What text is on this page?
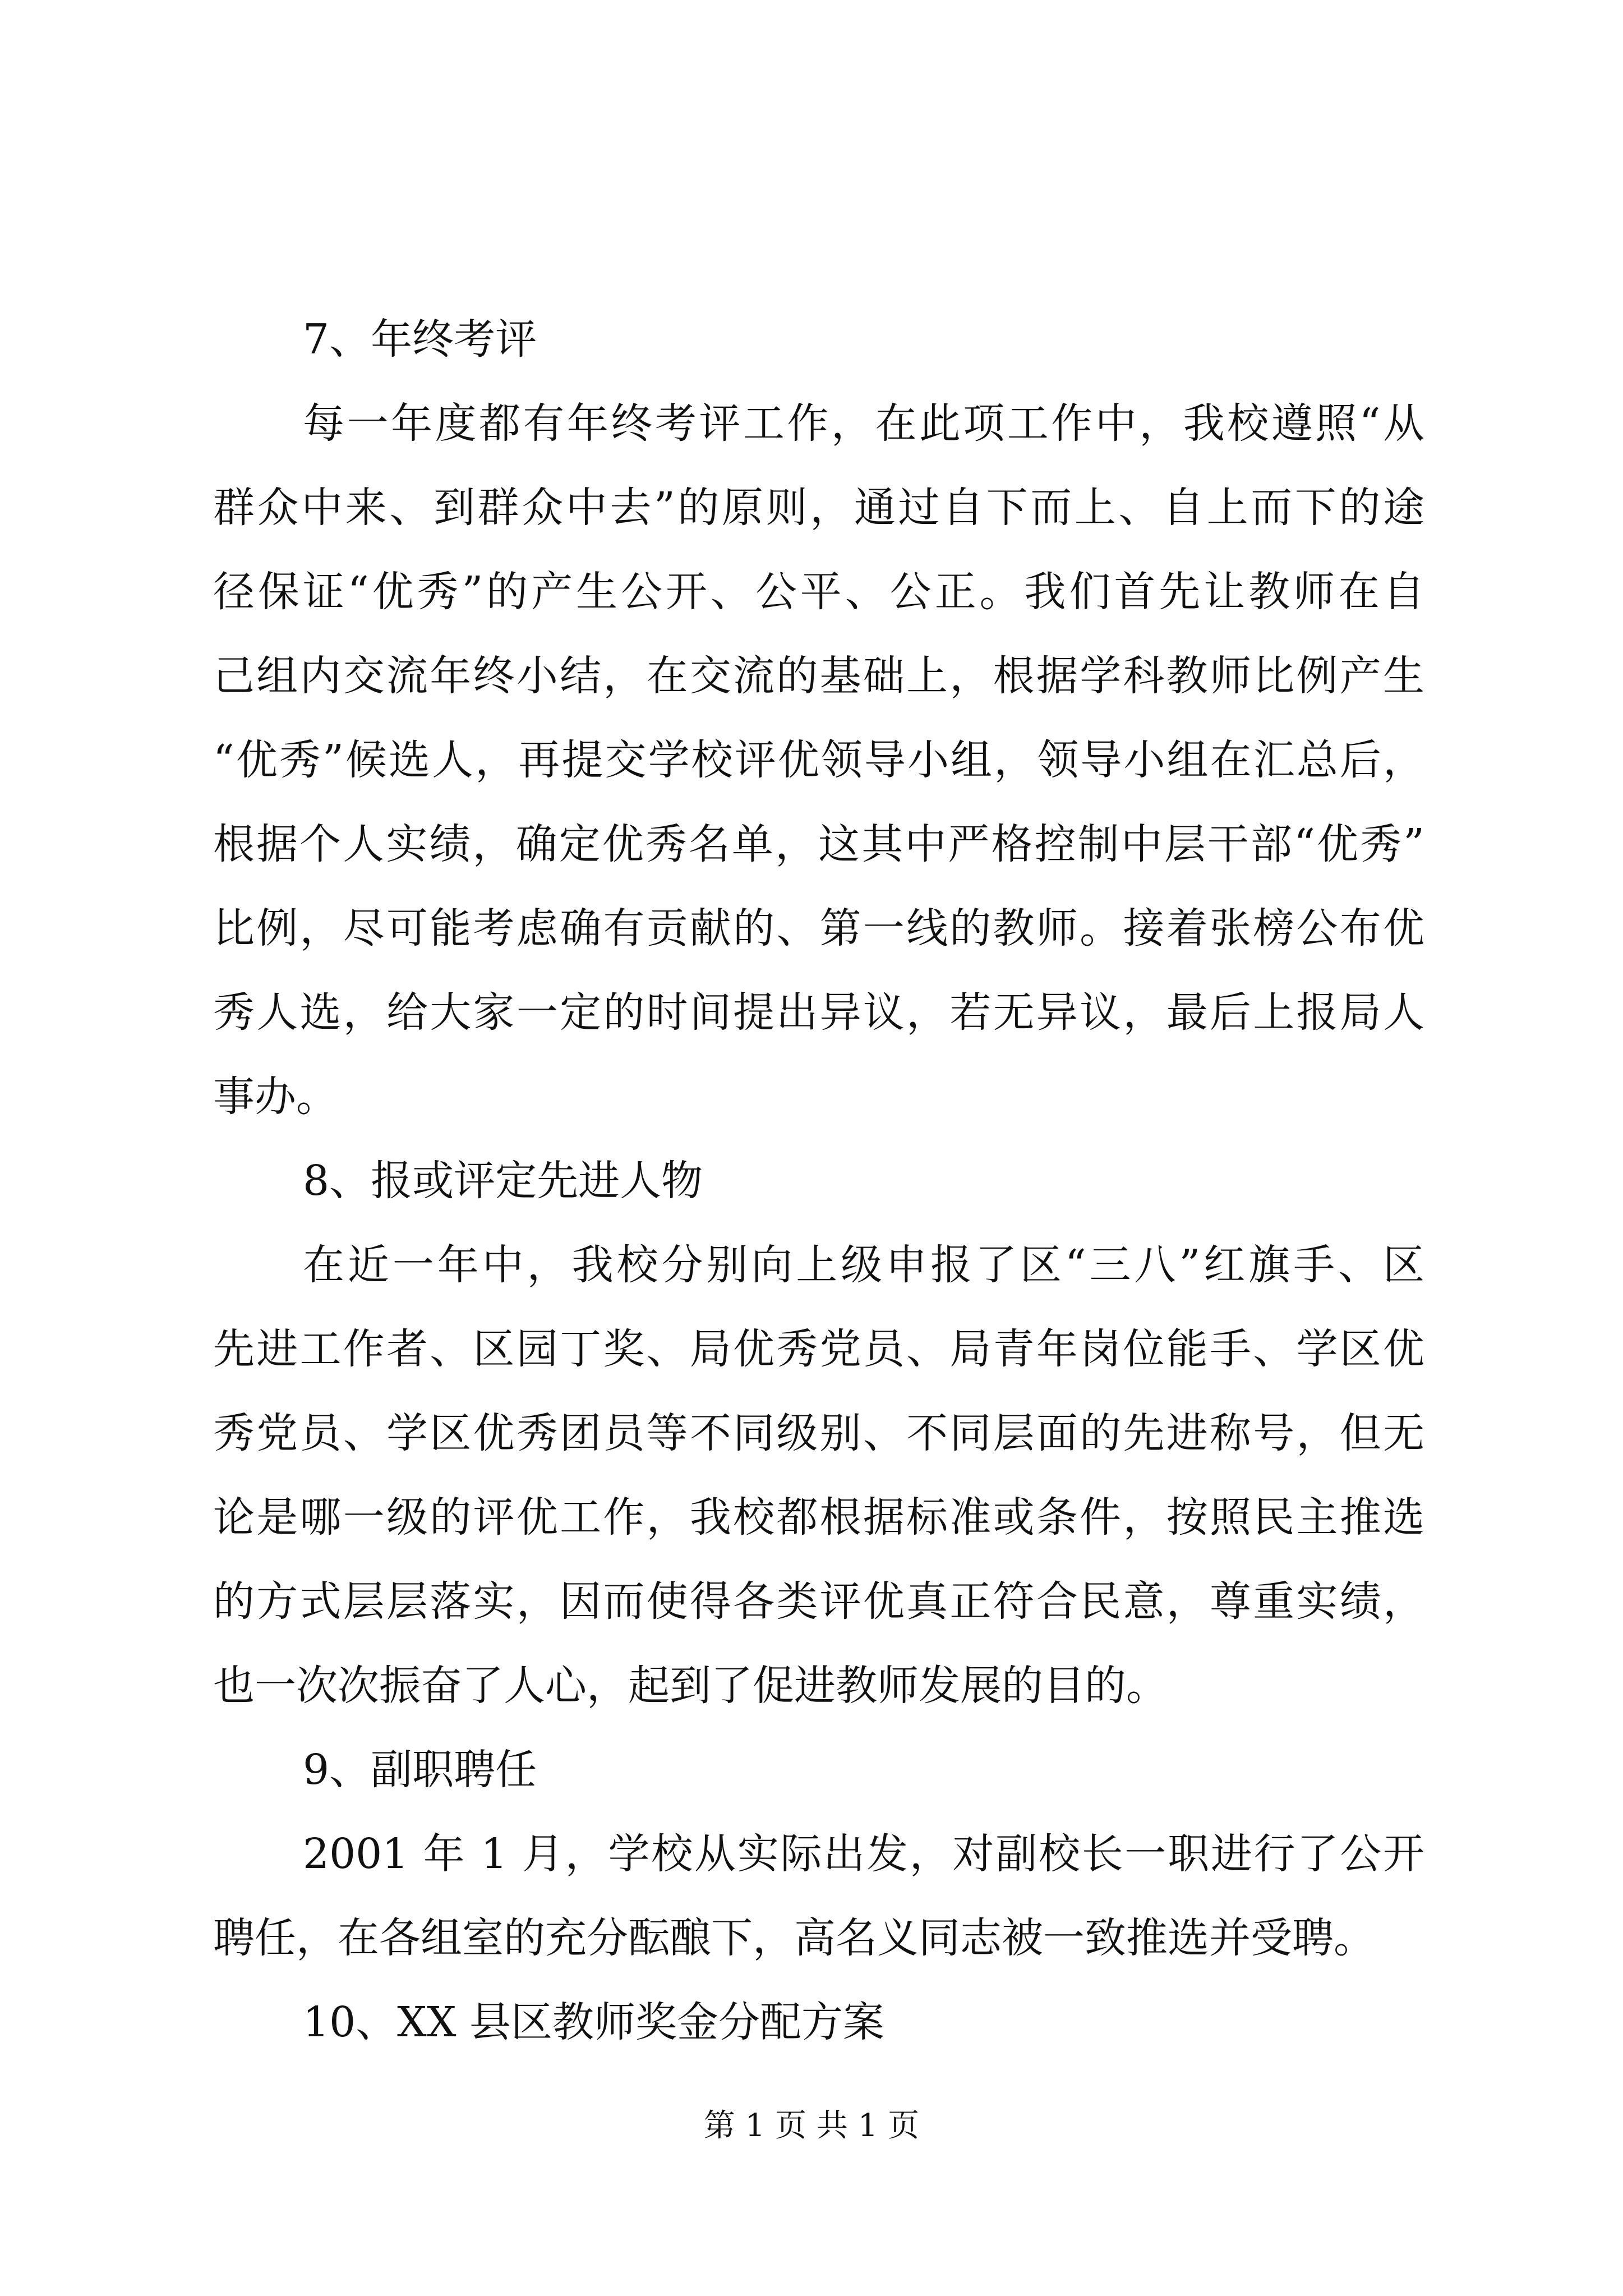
7、年终考评
每一年度都有年终考评工作，在此项工作中，我校遵照“从
群众中来、到群众中去”的原则，通过自下而上、自上而下的途
径保证“优秀”的产生公开、公平、公正。我们首先让教师在自
己组内交流年终小结，在交流的基础上，根据学科教师比例产生
“优秀”候选人，再提交学校评优领导小组，领导小组在汇总后，
根据个人实绩，确定优秀名单，这其中严格控制中层干部“优秀”
比例，尽可能考虑确有贡献的、第一线的教师。接着张榜公布优
秀人选，给大家一定的时间提出异议，若无异议，最后上报局人
事办。
8、报或评定先进人物
在近一年中，我校分别向上级申报了区“三八”红旗手、区
先进工作者、区园丁奖、局优秀党员、局青年岗位能手、学区优
秀党员、学区优秀团员等不同级别、不同层面的先进称号，但无
论是哪一级的评优工作，我校都根据标准或条件，按照民主推选
的方式层层落实，因而使得各类评优真正符合民意，尊重实绩，
也一次次振奋了人心，起到了促进教师发展的目的。
9、副职聘任
2001 年 1 月，学校从实际出发，对副校长一职进行了公开
聘任，在各组室的充分酝酿下，高名义同志被一致推选并受聘。
10、XX 县区教师奖金分配方案
第 1 页 共 1 页
